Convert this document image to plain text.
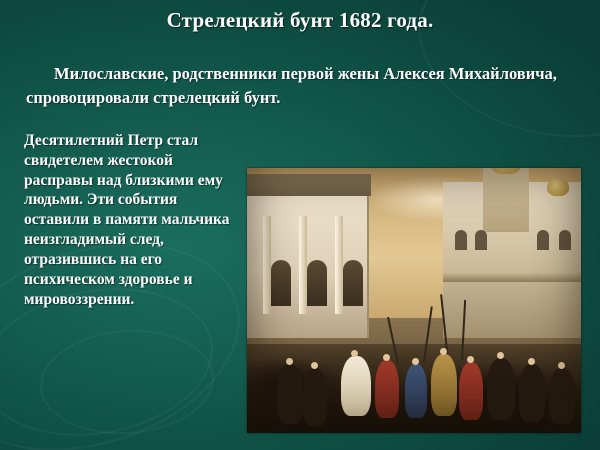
Стрелецкий бунт 1682 года.
Милославские, родственники первой жены Алексея Михайловича, спровоцировали стрелецкий бунт.
Десятилетний Петр стал свидетелем жестокой расправы над близкими ему людьми. Эти события оставили в памяти мальчика неизгладимый след, отразившись на его психическом здоровье и мировоззрении.
